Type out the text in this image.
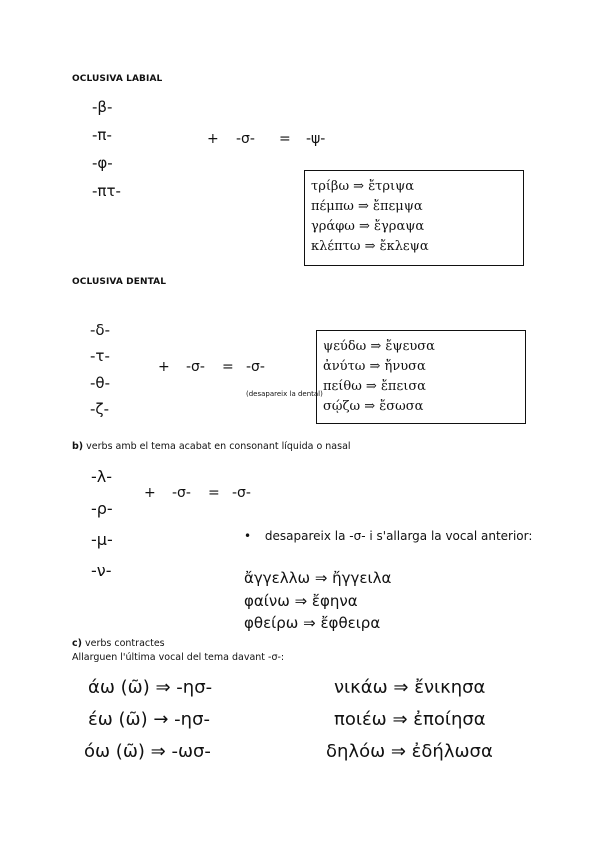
OCLUSIVA LABIAL
-β-
-π-
-φ-
-πτ-
+ -σ- = -ψ-
τρίβω ⇒ ἔτριψα
πέμπω ⇒ ἔπεμψα
γράφω ⇒ ἔγραψα
κλέπτω ⇒ ἔκλεψα
OCLUSIVA DENTAL
-δ-
-τ-
-θ-
-ζ-
+ -σ- = -σ-
(desapareix la dental)
ψεύδω ⇒ ἔψευσα
ἀνύτω ⇒ ἤνυσα
πείθω ⇒ ἔπεισα
σῴζω ⇒ ἔσωσα
b) verbs amb el tema acabat en consonant líquida o nasal
-λ-
-ρ-
-μ-
-ν-
+ -σ- = -σ-
• desapareix la -σ- i s'allarga la vocal anterior:
ἄγγελλω ⇒ ἤγγειλα
φαίνω ⇒ ἔφηνα
φθείρω ⇒ ἔφθειρα
c) verbs contractes
Allarguen l'última vocal del tema davant -σ-:
άω (ῶ) ⇒ -ησ-
έω (ῶ) → -ησ-
όω (ῶ) ⇒ -ωσ-
νικάω ⇒ ἔνικησα
ποιέω ⇒ ἐποίησα
δηλόω ⇒ ἐδήλωσα
